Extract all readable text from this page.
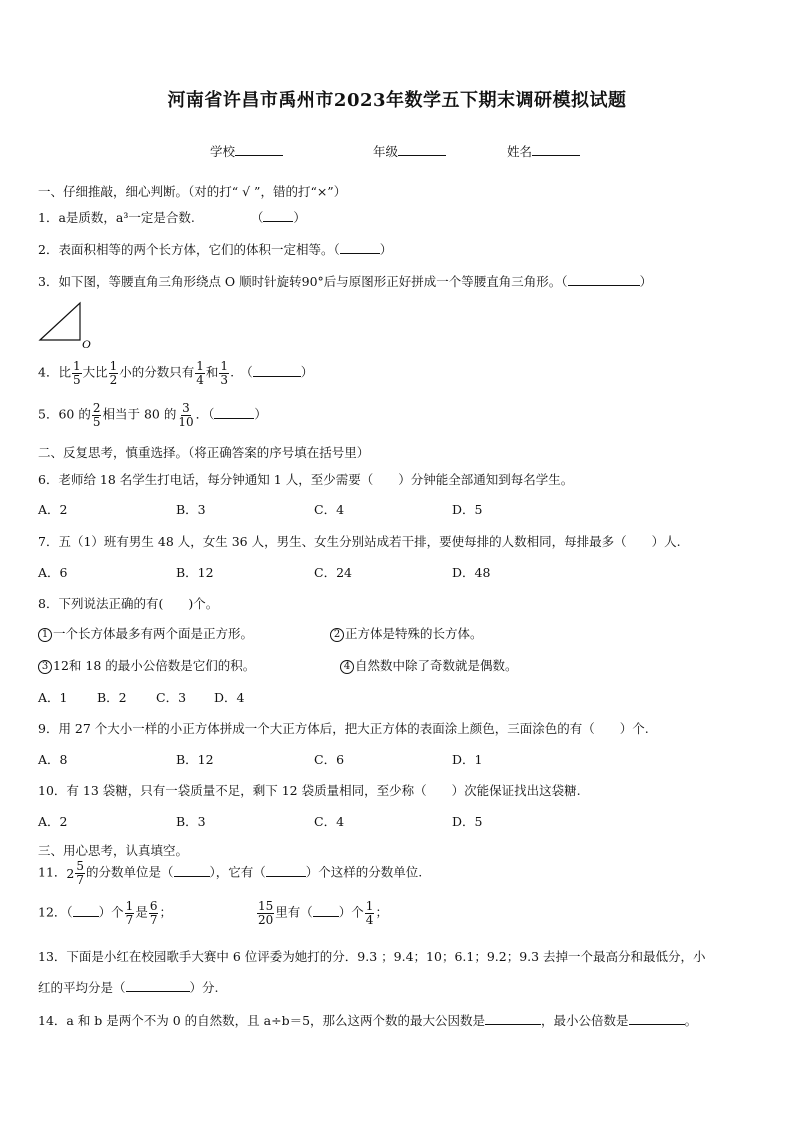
河南省许昌市禹州市2023年数学五下期末调研模拟试题
学校	年级	姓名
一、仔细推敲，细心判断。（对的打“ √ ”，错的打“×”）
1．a是质数，a³一定是合数.	（ ）
2．表面积相等的两个长方体，它们的体积一定相等。（	）
3．如下图，等腰直角三角形绕点 O 顺时针旋转90°后与原图形正好拼成一个等腰直角三角形。（	）
O
4．比 $\frac{1}{5}$ 大比 $\frac{1}{2}$ 小的分数只有 $\frac{1}{4}$ 和 $\frac{1}{3}$ .　（	）
5．60 的 $\frac{2}{5}$ 相当于 80 的 $\frac{3}{10}$ ．（	）
二、反复思考，慎重选择。（将正确答案的序号填在括号里）
6．老师给 18 名学生打电话，每分钟通知 1 人，至少需要（　　）分钟能全部通知到每名学生。
A．2	B．3	C．4	D．5
7．五（1）班有男生 48 人，女生 36 人，男生、女生分别站成若干排，要使每排的人数相同，每排最多（　　）人.
A．6	B．12	C．24	D．48
8．下列说法正确的有(　　)个。
1 一个长方体最多有两个面是正方形。	2 正方体是特殊的长方体。
3 12和 18 的最小公倍数是它们的积。	4 自然数中除了奇数就是偶数。
A．1 B．2 C．3 D．4
9．用 27 个大小一样的小正方体拼成一个大正方体后，把大正方体的表面涂上颜色，三面涂色的有（　　）个.
A．8	B．12	C．6	D．1
10．有 13 袋糖，只有一袋质量不足，剩下 12 袋质量相同，至少称（　　）次能保证找出这袋糖.
A．2	B．3	C．4	D．5
三、用心思考，认真填空。
11． $2 \frac{5}{7}$ 的分数单位是（	），它有（	）个这样的分数单位.
12．（ ）个 $\frac{1}{7}$ 是 $\frac{6}{7}$ ；	$\frac{15}{20}$ 里有（ ）个 $\frac{1}{4}$ ；
13．下面是小红在校园歌手大赛中 6 位评委为她打的分．9.3 ；9.4；10；6.1；9.2；9.3 去掉一个最高分和最低分，小
红的平均分是（	）分.
14．a 和 b 是两个不为 0 的自然数，且 a÷b＝5，那么这两个数的最大公因数是	，最小公倍数是	。
